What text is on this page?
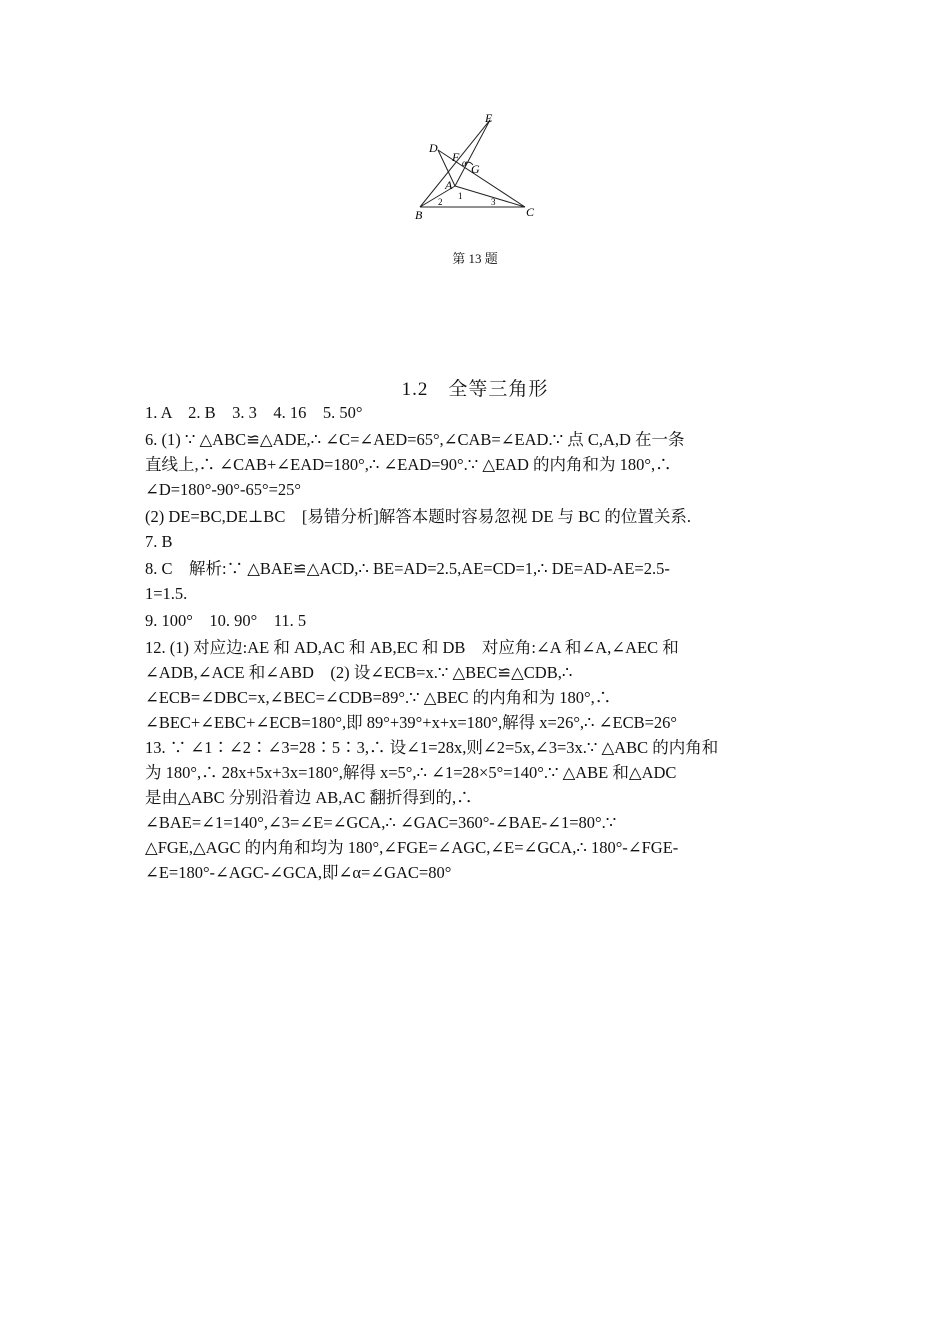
E
D
F α G
A
B	C
1
2	3
第 13 题
1.2　全等三角形

1. A　2. B　3. 3　4. 16　5. 50°

6. (1) ∵ △ABC≌△ADE,∴ ∠C=∠AED=65°,∠CAB=∠EAD.∵ 点 C,A,D 在一条

直线上,∴ ∠CAB+∠EAD=180°,∴ ∠EAD=90°.∵ △EAD 的内角和为 180°,∴

∠D=180°-90°-65°=25°

(2) DE=BC,DE⊥BC　[易错分析]解答本题时容易忽视 DE 与 BC 的位置关系.

7. B

8. C　解析:∵ △BAE≌△ACD,∴ BE=AD=2.5,AE=CD=1,∴ DE=AD-AE=2.5-

1=1.5.

9. 100°　10. 90°　11. 5

12. (1) 对应边:AE 和 AD,AC 和 AB,EC 和 DB　对应角:∠A 和∠A,∠AEC 和

∠ADB,∠ACE 和∠ABD　(2) 设∠ECB=x.∵ △BEC≌△CDB,∴

∠ECB=∠DBC=x,∠BEC=∠CDB=89°.∵ △BEC 的内角和为 180°,∴

∠BEC+∠EBC+∠ECB=180°,即 89°+39°+x+x=180°,解得 x=26°,∴ ∠ECB=26°

13. ∵ ∠1∶∠2∶∠3=28∶5∶3,∴ 设∠1=28x,则∠2=5x,∠3=3x.∵ △ABC 的内角和

为 180°,∴ 28x+5x+3x=180°,解得 x=5°,∴ ∠1=28×5°=140°.∵ △ABE 和△ADC

是由△ABC 分别沿着边 AB,AC 翻折得到的,∴

∠BAE=∠1=140°,∠3=∠E=∠GCA,∴ ∠GAC=360°-∠BAE-∠1=80°.∵

△FGE,△AGC 的内角和均为 180°,∠FGE=∠AGC,∠E=∠GCA,∴ 180°-∠FGE-

∠E=180°-∠AGC-∠GCA,即∠α=∠GAC=80°
